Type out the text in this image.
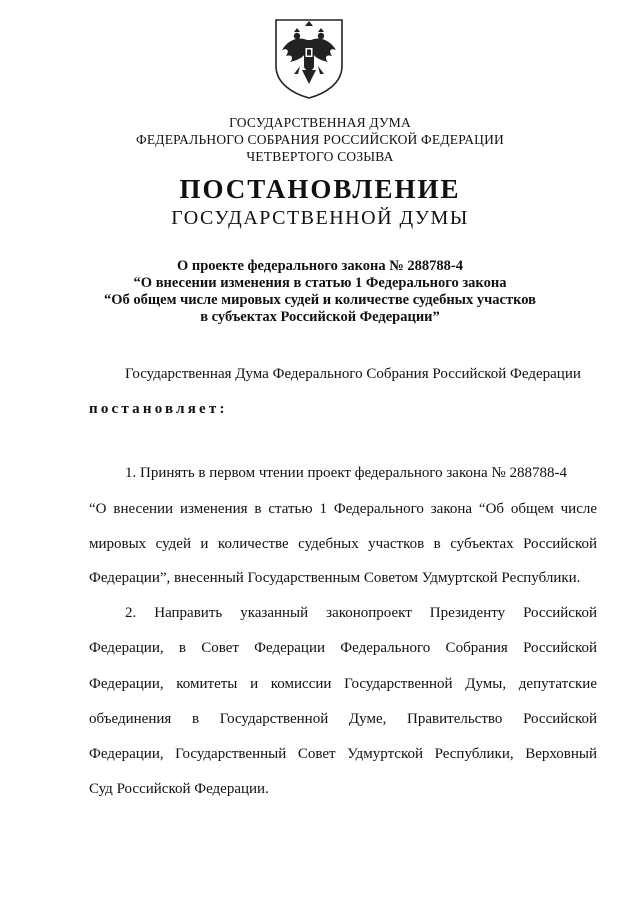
ГОСУДАРСТВЕННАЯ ДУМА
ФЕДЕРАЛЬНОГО СОБРАНИЯ РОССИЙСКОЙ ФЕДЕРАЦИИ
ЧЕТВЕРТОГО СОЗЫВА
ПОСТАНОВЛЕНИЕ
ГОСУДАРСТВЕННОЙ ДУМЫ
О проекте федерального закона № 288788-4
“О внесении изменения в статью 1 Федерального закона
“Об общем числе мировых судей и количестве судебных участков
в субъектах Российской Федерации”
Государственная Дума Федерального Собрания Российской Федерации
постановляет:
1. Принять в первом чтении проект федерального закона № 288788-4
“О внесении изменения в статью 1 Федерального закона “Об общем числе
мировых судей и количестве судебных участков в субъектах Российской
Федерации”, внесенный Государственным Советом Удмуртской Республики.
2. Направить указанный законопроект Президенту Российской
Федерации, в Совет Федерации Федерального Собрания Российской
Федерации, комитеты и комиссии Государственной Думы, депутатские
объединения в Государственной Думе, Правительство Российской
Федерации, Государственный Совет Удмуртской Республики, Верховный
Суд Российской Федерации.
